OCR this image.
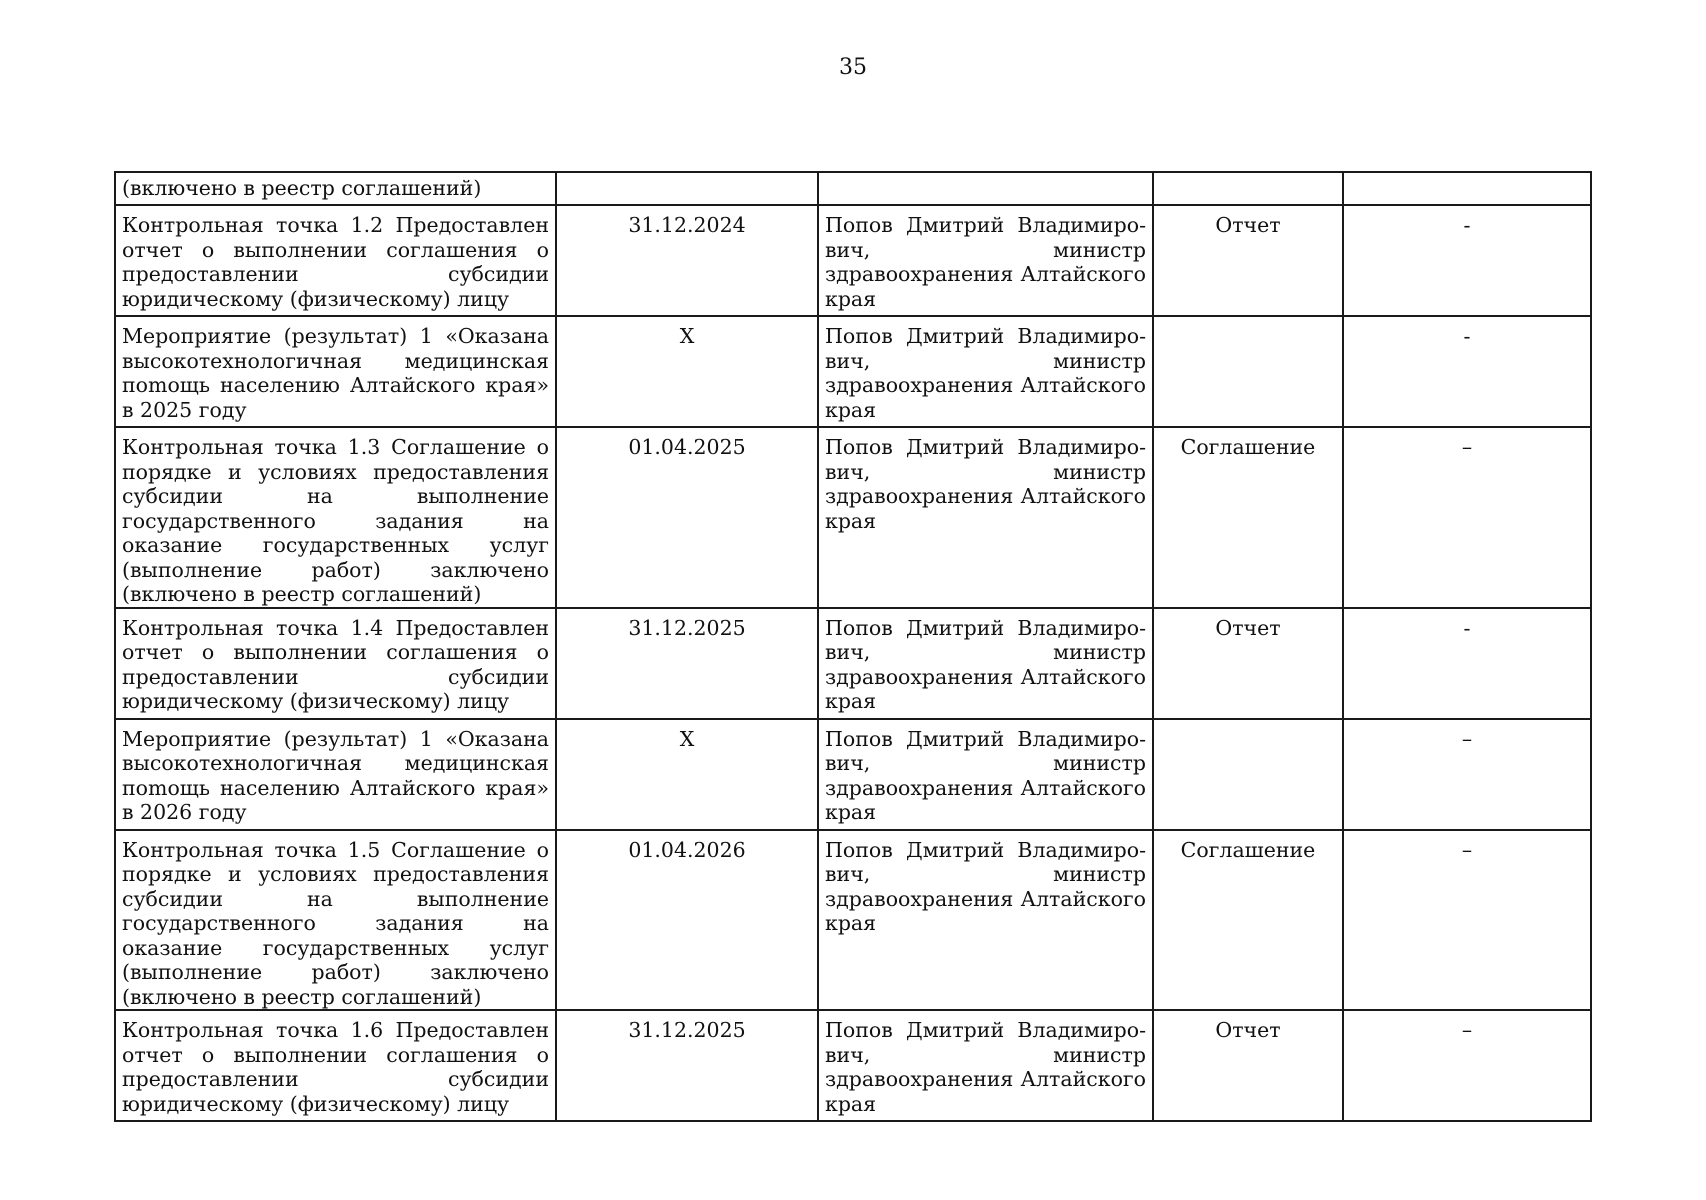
35
(включено в реестр соглашений)				
Контрольная точка 1.2 Предоставлен отчет о выполнении соглашения о предоставлении субсидии юридическому (физическому) лицу	31.12.2024	Попов Дмитрий Владимирович, министр здравоохранения Алтайского края	Отчет	-
Мероприятие (результат) 1 «Оказана высокотехнологичная медицинская поmощь населению Алтайского края» в 2025 году	X	Попов Дмитрий Владимирович, министр здравоохранения Алтайского края		-
Контрольная точка 1.3 Соглашение о порядке и условиях предоставления субсидии на выполнение государственного задания на оказание государственных услуг (выполнение работ) заключено (включено в реестр соглашений)	01.04.2025	Попов Дмитрий Владимирович, министр здравоохранения Алтайского края	Соглашение	–
Контрольная точка 1.4 Предоставлен отчет о выполнении соглашения о предоставлении субсидии юридическому (физическому) лицу	31.12.2025	Попов Дмитрий Владимирович, министр здравоохранения Алтайского края	Отчет	-
Мероприятие (результат) 1 «Оказана высокотехнологичная медицинская поmощь населению Алтайского края» в 2026 году	X	Попов Дмитрий Владимирович, министр здравоохранения Алтайского края		–
Контрольная точка 1.5 Соглашение о порядке и условиях предоставления субсидии на выполнение государственного задания на оказание государственных услуг (выполнение работ) заключено (включено в реестр соглашений)	01.04.2026	Попов Дмитрий Владимирович, министр здравоохранения Алтайского края	Соглашение	–
Контрольная точка 1.6 Предоставлен отчет о выполнении соглашения о предоставлении субсидии юридическому (физическому) лицу	31.12.2025	Попов Дмитрий Владимирович, министр здравоохранения Алтайского края	Отчет	–
